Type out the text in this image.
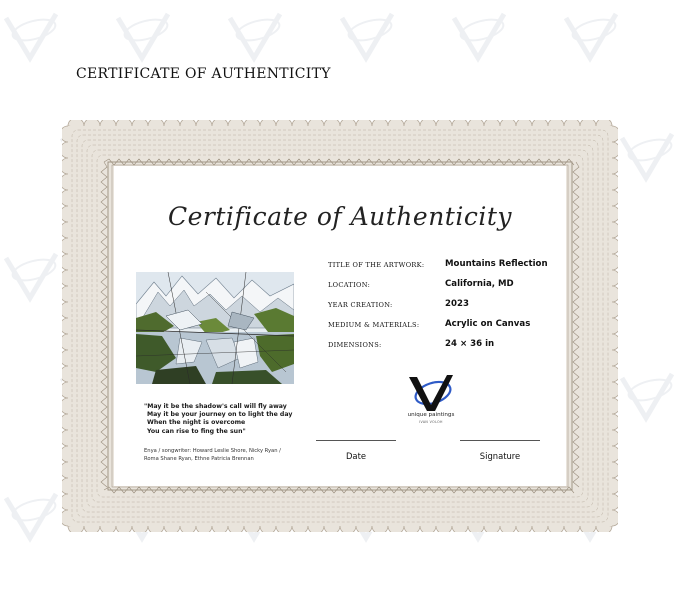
CERTIFICATE OF AUTHENTICITY
Certificate of Authenticity
"May it be the shadow's call will fly away
May it be your journey on to light the day
When the night is overcome
You can rise to fing the sun"
Enya / songwriter: Howard Leslie Shore, Nicky Ryan /
Roma Shane Ryan, Ethne Patricia Brennan
TITLE OF THE ARTWORK: Mountains Reflection
LOCATION:	California, MD
YEAR CREATION:	2023
MEDIUM & MATERIALS:	Acrylic on Canvas
DIMENSIONS:	24 × 36 in
unique paintings
IVAN VOLOH
Date	Signature
